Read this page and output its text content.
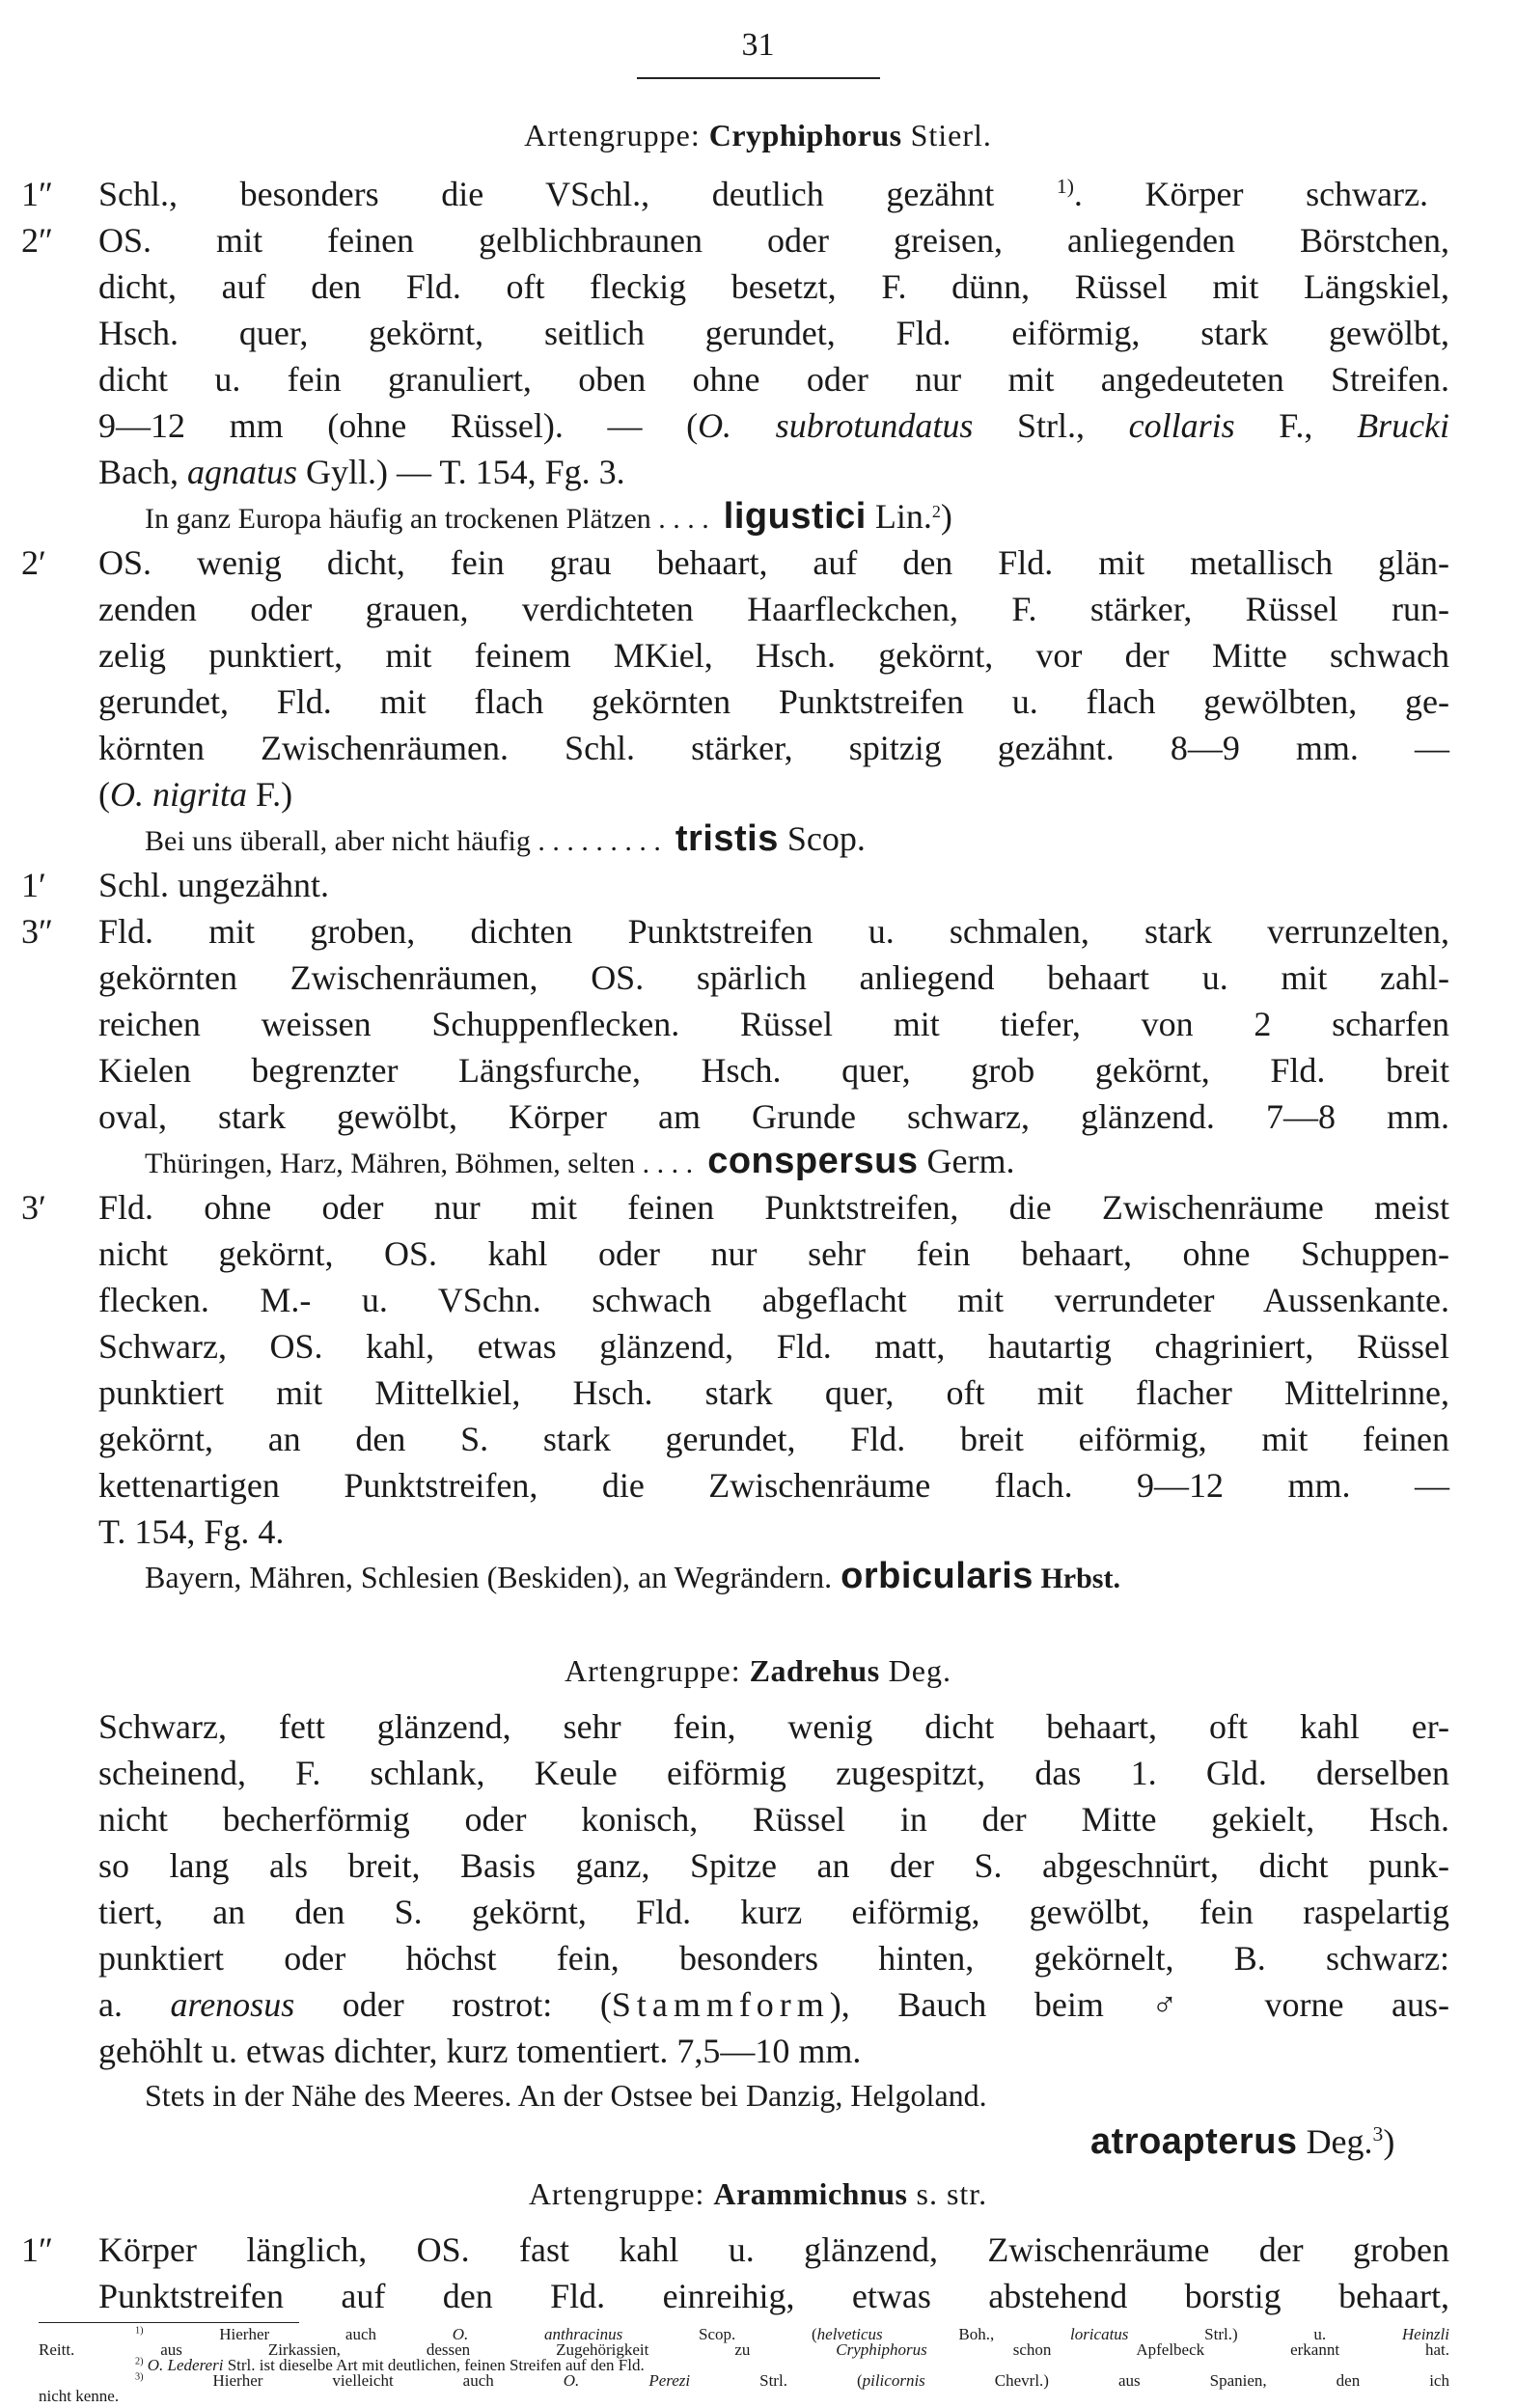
31
Artengruppe: Cryphiphorus Stierl.
1″ Schl., besonders die VSchl., deutlich gezähnt	$^{1)}$. Körper schwarz.
2″ OS. mit feinen gelblichbraunen oder greisen, anliegenden Börstchen,
dicht, auf den Fld. oft fleckig besetzt, F. dünn, Rüssel mit Längskiel,
Hsch. quer, gekörnt, seitlich gerundet, Fld. eiförmig, stark gewölbt,
dicht u. fein granuliert, oben ohne oder nur mit angedeuteten Streifen.
9—12 mm (ohne Rüssel). — (O. subrotundatus Strl., collaris F., Brucki
Bach, agnatus Gyll.) — T. 154, Fg. 3.
In ganz Europa häufig an trockenen Plätzen . . . . ligustici Lin.$^2$)
2′ OS. wenig dicht, fein grau behaart, auf den Fld. mit metallisch glän-
zenden oder grauen, verdichteten Haarfleckchen, F. stärker, Rüssel run-
zelig punktiert, mit feinem MKiel, Hsch. gekörnt, vor der Mitte schwach
gerundet, Fld. mit flach gekörnten Punktstreifen u. flach gewölbten, ge-
körnten Zwischenräumen. Schl. stärker, spitzig gezähnt. 8—9 mm. —
(O. nigrita F.)
Bei uns überall, aber nicht häufig . . . . . . . . . tristis Scop.
1′ Schl. ungezähnt.
3″ Fld. mit groben, dichten Punktstreifen u. schmalen, stark verrunzelten,
gekörnten Zwischenräumen, OS. spärlich anliegend behaart u. mit zahl-
reichen weissen Schuppenflecken. Rüssel mit tiefer, von 2 scharfen
Kielen begrenzter Längsfurche, Hsch. quer, grob gekörnt, Fld. breit
oval, stark gewölbt, Körper am Grunde schwarz, glänzend. 7—8 mm.
Thüringen, Harz, Mähren, Böhmen, selten . . . . conspersus Germ.
3′ Fld. ohne oder nur mit feinen Punktstreifen, die Zwischenräume meist
nicht gekörnt, OS. kahl oder nur sehr fein behaart, ohne Schuppen-
flecken. M.- u. VSchn. schwach abgeflacht mit verrundeter Aussenkante.
Schwarz, OS. kahl, etwas glänzend, Fld. matt, hautartig chagriniert, Rüssel
punktiert mit Mittelkiel, Hsch. stark quer, oft mit flacher Mittelrinne,
gekörnt, an den S. stark gerundet, Fld. breit eiförmig, mit feinen
kettenartigen Punktstreifen, die Zwischenräume flach. 9—12 mm. —
T. 154, Fg. 4.
Bayern, Mähren, Schlesien (Beskiden), an Wegrändern. orbicularis Hrbst.
Artengruppe: Zadrehus Deg.
Schwarz, fett glänzend, sehr fein, wenig dicht behaart, oft kahl er-
scheinend, F. schlank, Keule eiförmig zugespitzt, das 1. Gld. derselben
nicht becherförmig oder konisch, Rüssel in der Mitte gekielt, Hsch.
so lang als breit, Basis ganz, Spitze an der S. abgeschnürt, dicht punk-
tiert, an den S. gekörnt, Fld. kurz eiförmig, gewölbt, fein raspelartig
punktiert oder höchst fein, besonders hinten, gekörnelt, B. schwarz:
a. arenosus oder rostrot: (Stammform), Bauch beim ♂ vorne aus-
gehöhlt u. etwas dichter, kurz tomentiert. 7,5—10 mm.
Stets in der Nähe des Meeres. An der Ostsee bei Danzig, Helgoland.
atroapterus Deg.$^3$)
Artengruppe: Arammichnus s. str.
1″ Körper länglich, OS. fast kahl u. glänzend, Zwischenräume der groben
Punktstreifen auf den Fld. einreihig, etwas abstehend borstig behaart,
$^{1)}$ Hierher auch O. anthracinus Scop. (helveticus Boh., loricatus Strl.) u. Heinzli
Reitt. aus Zirkassien, dessen Zugehörigkeit zu Cryphiphorus schon Apfelbeck erkannt hat.
$^{2)}$ O. Ledereri Strl. ist dieselbe Art mit deutlichen, feinen Streifen auf den Fld.
$^{3)}$ Hierher vielleicht auch O. Perezi Strl. (pilicornis Chevrl.) aus Spanien, den ich
nicht kenne.
